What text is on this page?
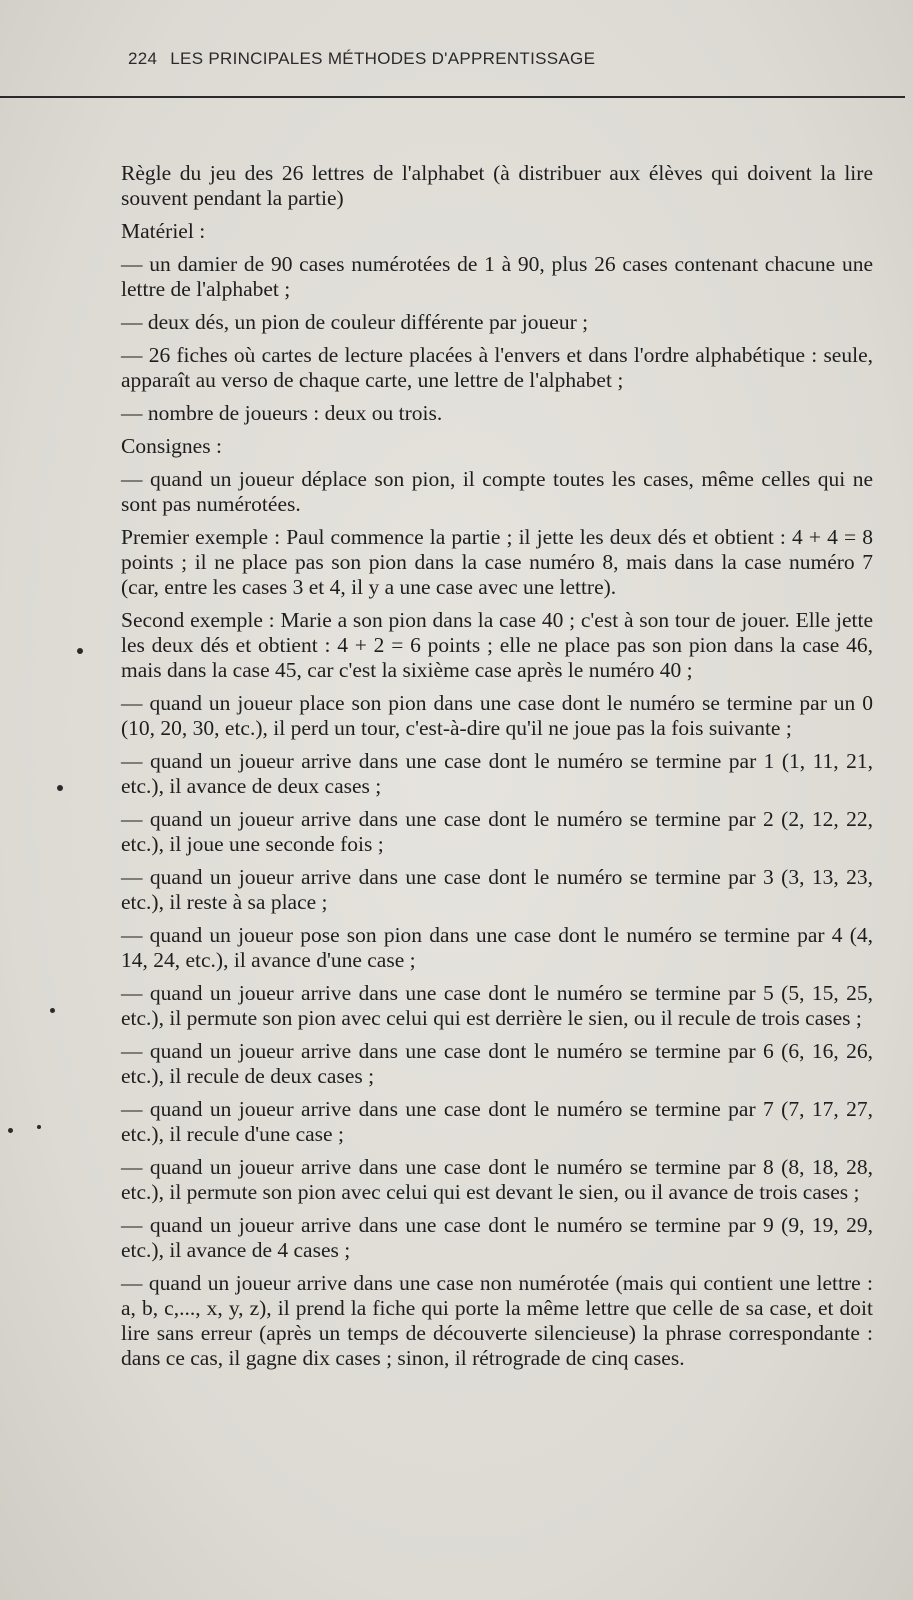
224 LES PRINCIPALES MÉTHODES D'APPRENTISSAGE

Règle du jeu des 26 lettres de l'alphabet (à distribuer aux élèves qui doivent la lire souvent pendant la partie)

Matériel :

— un damier de 90 cases numérotées de 1 à 90, plus 26 cases contenant chacune une lettre de l'alphabet ;

— deux dés, un pion de couleur différente par joueur ;

— 26 fiches où cartes de lecture placées à l'envers et dans l'ordre alphabétique : seule, apparaît au verso de chaque carte, une lettre de l'alphabet ;

— nombre de joueurs : deux ou trois.

Consignes :

— quand un joueur déplace son pion, il compte toutes les cases, même celles qui ne sont pas numérotées.

Premier exemple : Paul commence la partie ; il jette les deux dés et obtient : 4 + 4 = 8 points ; il ne place pas son pion dans la case numéro 8, mais dans la case numéro 7 (car, entre les cases 3 et 4, il y a une case avec une lettre).

Second exemple : Marie a son pion dans la case 40 ; c'est à son tour de jouer. Elle jette les deux dés et obtient : 4 + 2 = 6 points ; elle ne place pas son pion dans la case 46, mais dans la case 45, car c'est la sixième case après le numéro 40 ;

— quand un joueur place son pion dans une case dont le numéro se termine par un 0 (10, 20, 30, etc.), il perd un tour, c'est-à-dire qu'il ne joue pas la fois suivante ;

— quand un joueur arrive dans une case dont le numéro se termine par 1 (1, 11, 21, etc.), il avance de deux cases ;

— quand un joueur arrive dans une case dont le numéro se termine par 2 (2, 12, 22, etc.), il joue une seconde fois ;

— quand un joueur arrive dans une case dont le numéro se termine par 3 (3, 13, 23, etc.), il reste à sa place ;

— quand un joueur pose son pion dans une case dont le numéro se termine par 4 (4, 14, 24, etc.), il avance d'une case ;

— quand un joueur arrive dans une case dont le numéro se termine par 5 (5, 15, 25, etc.), il permute son pion avec celui qui est derrière le sien, ou il recule de trois cases ;

— quand un joueur arrive dans une case dont le numéro se termine par 6 (6, 16, 26, etc.), il recule de deux cases ;

— quand un joueur arrive dans une case dont le numéro se termine par 7 (7, 17, 27, etc.), il recule d'une case ;

— quand un joueur arrive dans une case dont le numéro se termine par 8 (8, 18, 28, etc.), il permute son pion avec celui qui est devant le sien, ou il avance de trois cases ;

— quand un joueur arrive dans une case dont le numéro se termine par 9 (9, 19, 29, etc.), il avance de 4 cases ;

— quand un joueur arrive dans une case non numérotée (mais qui contient une lettre : a, b, c,..., x, y, z), il prend la fiche qui porte la même lettre que celle de sa case, et doit lire sans erreur (après un temps de découverte silencieuse) la phrase correspondante : dans ce cas, il gagne dix cases ; sinon, il rétrograde de cinq cases.
